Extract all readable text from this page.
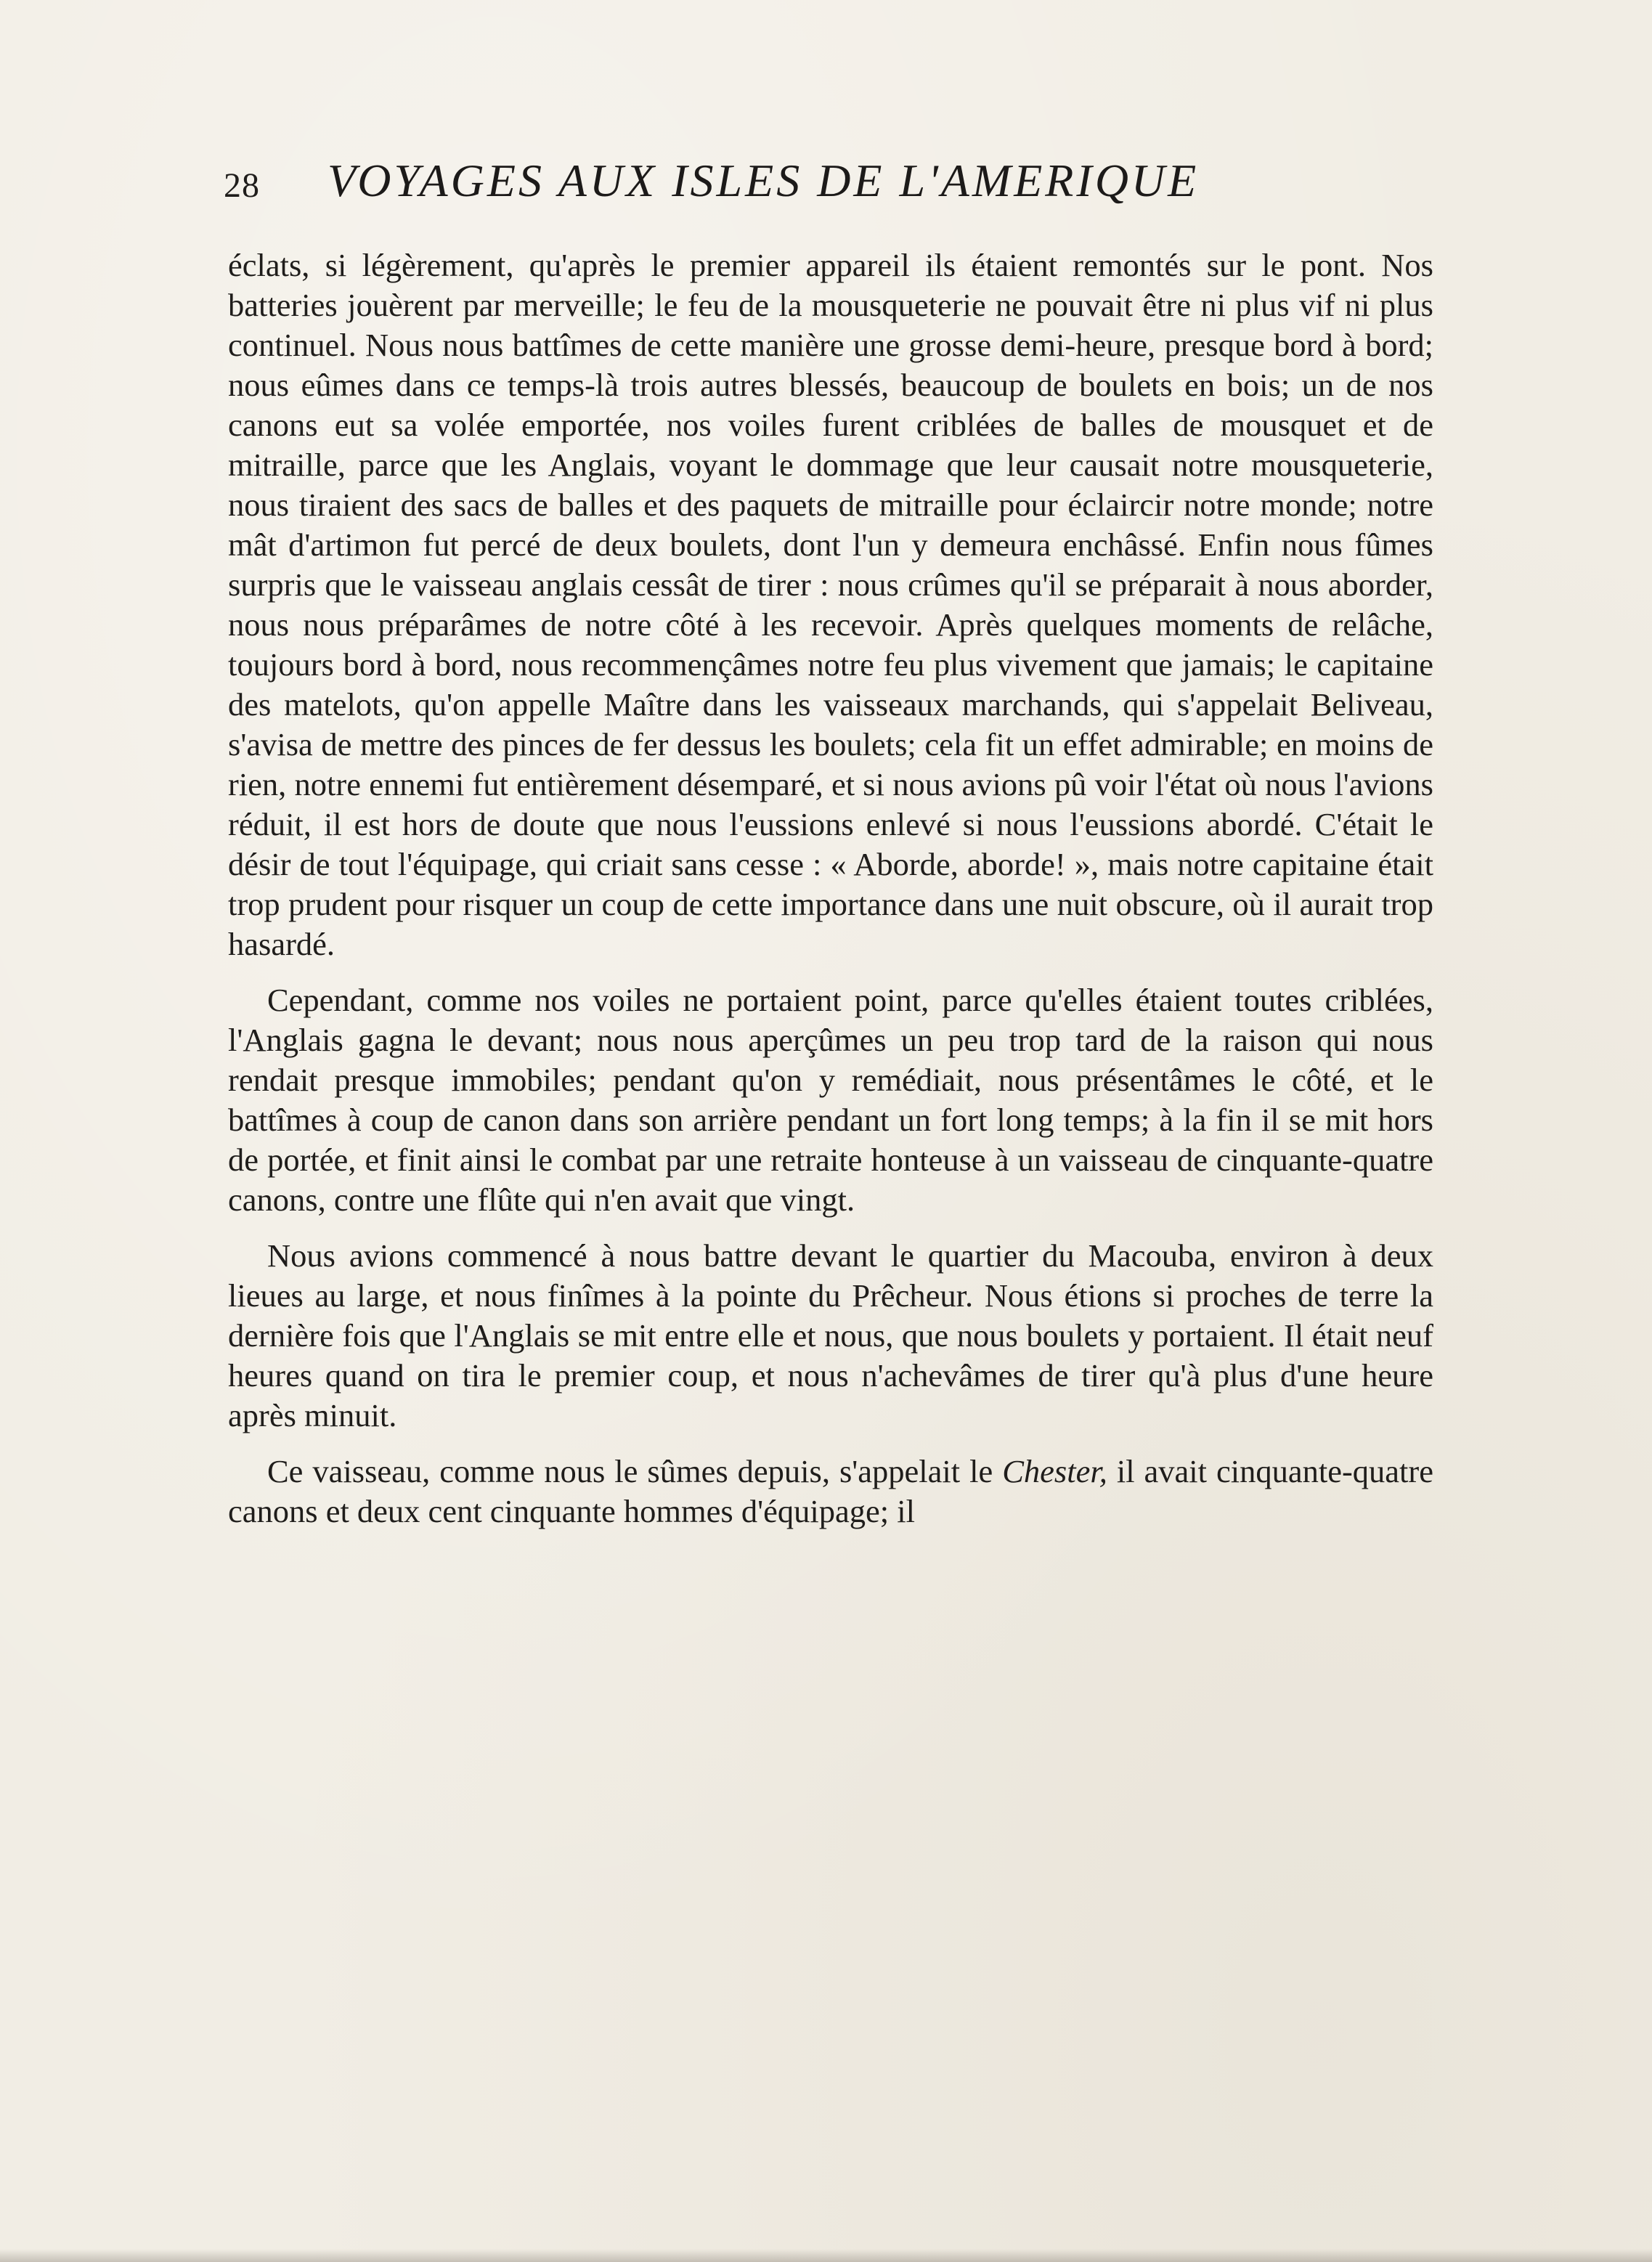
28 VOYAGES AUX ISLES DE L'AMERIQUE

éclats, si légèrement, qu'après le premier appareil ils étaient remontés sur le pont. Nos batteries jouèrent par merveille; le feu de la mousqueterie ne pouvait être ni plus vif ni plus continuel. Nous nous battîmes de cette manière une grosse demi-heure, presque bord à bord; nous eûmes dans ce temps-là trois autres blessés, beaucoup de boulets en bois; un de nos canons eut sa volée emportée, nos voiles furent criblées de balles de mousquet et de mitraille, parce que les Anglais, voyant le dommage que leur causait notre mousqueterie, nous tiraient des sacs de balles et des paquets de mitraille pour éclaircir notre monde; notre mât d'artimon fut percé de deux boulets, dont l'un y demeura enchâssé. Enfin nous fûmes surpris que le vaisseau anglais cessât de tirer : nous crûmes qu'il se préparait à nous aborder, nous nous préparâmes de notre côté à les recevoir. Après quelques moments de relâche, toujours bord à bord, nous recommençâmes notre feu plus vivement que jamais; le capitaine des matelots, qu'on appelle Maître dans les vaisseaux marchands, qui s'appelait Beliveau, s'avisa de mettre des pinces de fer dessus les boulets; cela fit un effet admirable; en moins de rien, notre ennemi fut entièrement désemparé, et si nous avions pû voir l'état où nous l'avions réduit, il est hors de doute que nous l'eussions enlevé si nous l'eussions abordé. C'était le désir de tout l'équipage, qui criait sans cesse : « Aborde, aborde! », mais notre capitaine était trop prudent pour risquer un coup de cette importance dans une nuit obscure, où il aurait trop hasardé.

Cependant, comme nos voiles ne portaient point, parce qu'elles étaient toutes criblées, l'Anglais gagna le devant; nous nous aperçûmes un peu trop tard de la raison qui nous rendait presque immobiles; pendant qu'on y remédiait, nous présentâmes le côté, et le battîmes à coup de canon dans son arrière pendant un fort long temps; à la fin il se mit hors de portée, et finit ainsi le combat par une retraite honteuse à un vaisseau de cinquante-quatre canons, contre une flûte qui n'en avait que vingt.

Nous avions commencé à nous battre devant le quartier du Macouba, environ à deux lieues au large, et nous finîmes à la pointe du Prêcheur. Nous étions si proches de terre la dernière fois que l'Anglais se mit entre elle et nous, que nous boulets y portaient. Il était neuf heures quand on tira le premier coup, et nous n'achevâmes de tirer qu'à plus d'une heure après minuit.

Ce vaisseau, comme nous le sûmes depuis, s'appelait le Chester, il avait cinquante-quatre canons et deux cent cinquante hommes d'équipage; il
